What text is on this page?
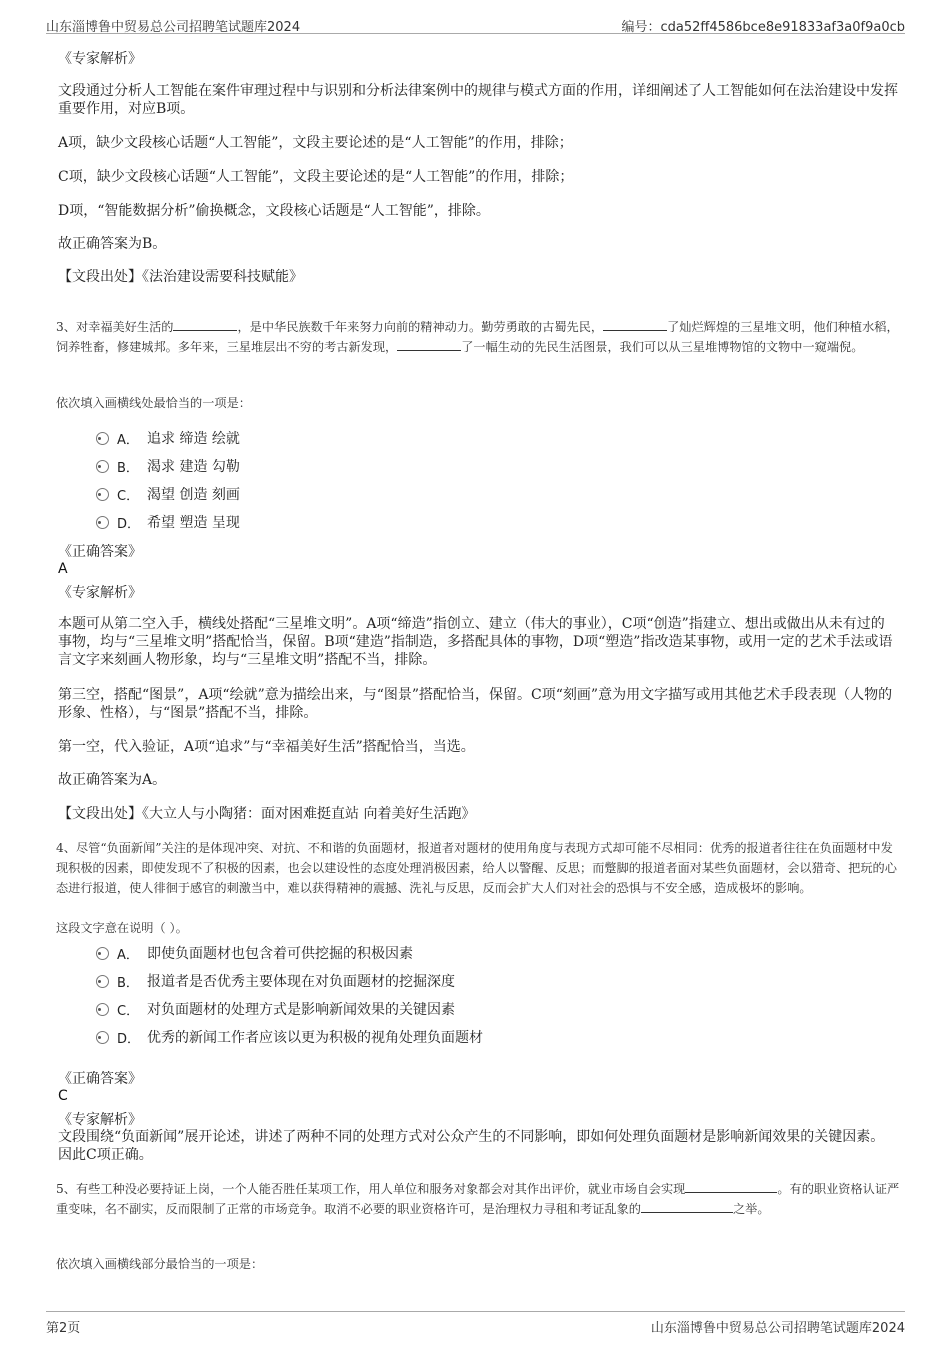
山东淄博鲁中贸易总公司招聘笔试题库2024	编号：cda52ff4586bce8e91833af3a0f9a0cb
《专家解析》
文段通过分析人工智能在案件审理过程中与识别和分析法律案例中的规律与模式方面的作用，详细阐述了人工智能如何在法治建设中发挥重要作用，对应B项。
A项，缺少文段核心话题“人工智能”，文段主要论述的是“人工智能”的作用，排除；
C项，缺少文段核心话题“人工智能”，文段主要论述的是“人工智能”的作用，排除；
D项，“智能数据分析”偷换概念，文段核心话题是“人工智能”，排除。
故正确答案为B。
【文段出处】《法治建设需要科技赋能》
3、对幸福美好生活的	，是中华民族数千年来努力向前的精神动力。勤劳勇敢的古蜀先民，	了灿烂辉煌的三星堆文明，他们种植水稻，饲养牲畜，修建城邦。多年来，三星堆层出不穷的考古新发现，	了一幅生动的先民生活图景，我们可以从三星堆博物馆的文物中一窥端倪。
依次填入画横线处最恰当的一项是：
A． 追求 缔造 绘就
B． 渴求 建造 勾勒
C． 渴望 创造 刻画
D． 希望 塑造 呈现
《正确答案》
A
《专家解析》
本题可从第二空入手，横线处搭配“三星堆文明”。A项“缔造”指创立、建立（伟大的事业），C项“创造”指建立、想出或做出从未有过的事物，均与“三星堆文明”搭配恰当，保留。B项“建造”指制造，多搭配具体的事物，D项“塑造”指改造某事物，或用一定的艺术手法或语言文字来刻画人物形象，均与“三星堆文明”搭配不当，排除。
第三空，搭配“图景”，A项“绘就”意为描绘出来，与“图景”搭配恰当，保留。C项“刻画”意为用文字描写或用其他艺术手段表现（人物的形象、性格），与“图景”搭配不当，排除。
第一空，代入验证，A项“追求”与“幸福美好生活”搭配恰当，当选。
故正确答案为A。
【文段出处】《大立人与小陶猪：面对困难挺直站 向着美好生活跑》
4、尽管“负面新闻”关注的是体现冲突、对抗、不和谐的负面题材，报道者对题材的使用角度与表现方式却可能不尽相同：优秀的报道者往往在负面题材中发现积极的因素，即使发现不了积极的因素，也会以建设性的态度处理消极因素，给人以警醒、反思；而蹩脚的报道者面对某些负面题材，会以猎奇、把玩的心态进行报道，使人徘徊于感官的刺激当中，难以获得精神的震撼、洗礼与反思，反而会扩大人们对社会的恐惧与不安全感，造成极坏的影响。
这段文字意在说明（ ）。
A． 即使负面题材也包含着可供挖掘的积极因素
B． 报道者是否优秀主要体现在对负面题材的挖掘深度
C． 对负面题材的处理方式是影响新闻效果的关键因素
D． 优秀的新闻工作者应该以更为积极的视角处理负面题材
《正确答案》
C
《专家解析》
文段围绕“负面新闻”展开论述，讲述了两种不同的处理方式对公众产生的不同影响，即如何处理负面题材是影响新闻效果的关键因素。因此C项正确。
5、有些工种没必要持证上岗，一个人能否胜任某项工作，用人单位和服务对象都会对其作出评价，就业市场自会实现	。有的职业资格认证严重变味，名不副实，反而限制了正常的市场竞争。取消不必要的职业资格许可，是治理权力寻租和考证乱象的	之举。
依次填入画横线部分最恰当的一项是：
第2页	山东淄博鲁中贸易总公司招聘笔试题库2024
